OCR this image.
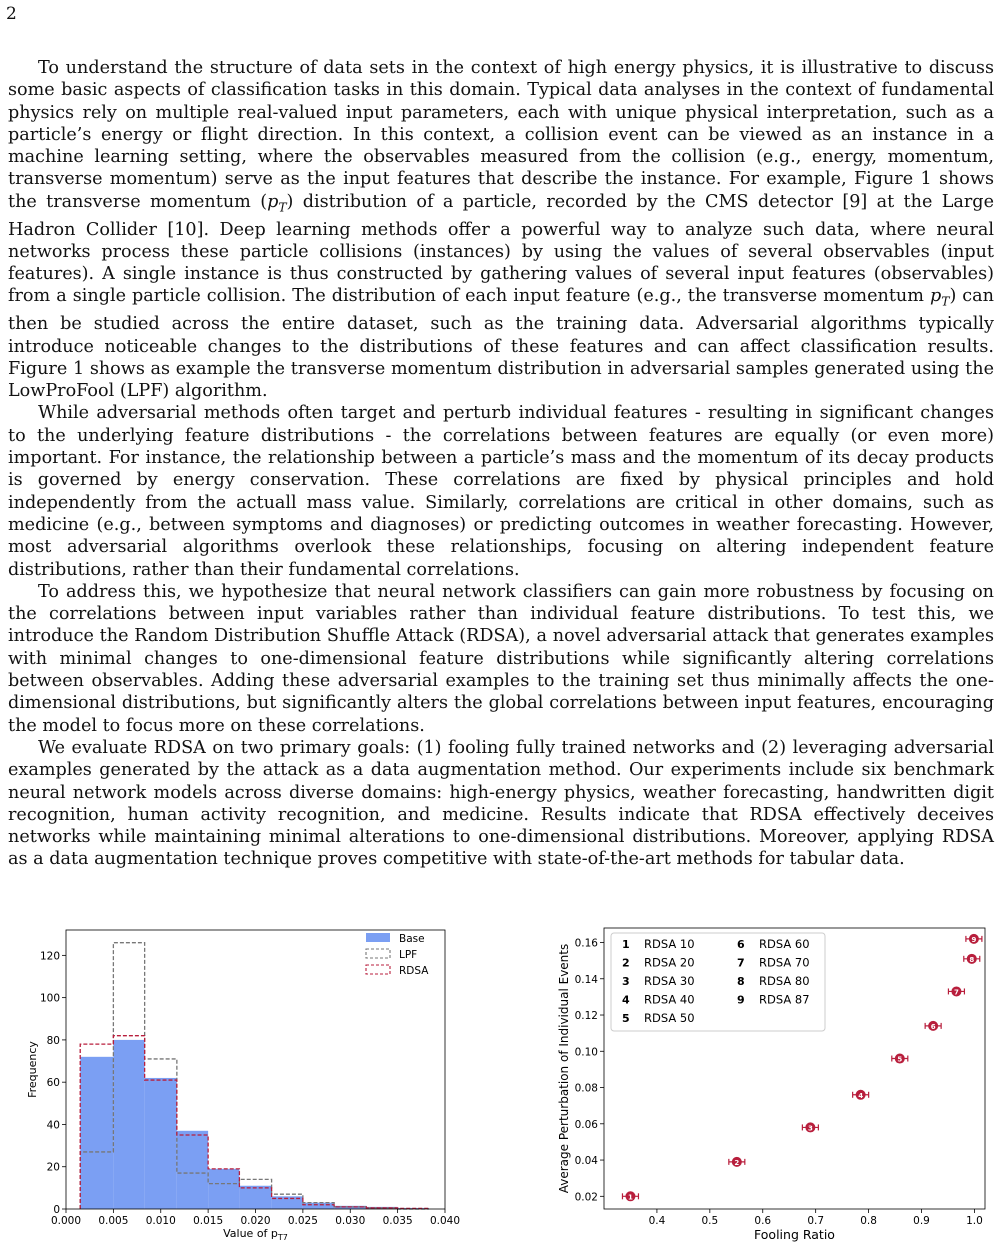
2

To understand the structure of data sets in the context of high energy physics, it is illustrative to discuss some basic aspects of classification tasks in this domain. Typical data analyses in the context of fundamental physics rely on multiple real-valued input parameters, each with unique physical interpretation, such as a particle’s energy or flight direction. In this context, a collision event can be viewed as an instance in a machine learning setting, where the observables measured from the collision (e.g., energy, momentum, transverse momentum) serve as the input features that describe the instance. For example, Figure 1 shows the transverse momentum $(p_T)$ distribution of a particle, recorded by the CMS detector [9] at the Large Hadron Collider [10]. Deep learning methods offer a powerful way to analyze such data, where neural networks process these particle collisions (instances) by using the values of several observables (input features). A single instance is thus constructed by gathering values of several input features (observables) from a single particle collision. The distribution of each input feature (e.g., the transverse momentum $p_T$) can then be studied across the entire dataset, such as the training data. Adversarial algorithms typically introduce noticeable changes to the distributions of these features and can affect classification results. Figure 1 shows as example the transverse momentum distribution in adversarial samples generated using the LowProFool (LPF) algorithm.

While adversarial methods often target and perturb individual features - resulting in significant changes to the underlying feature distributions - the correlations between features are equally (or even more) important. For instance, the relationship between a particle’s mass and the momentum of its decay products is governed by energy conservation. These correlations are fixed by physical principles and hold independently from the actuall mass value. Similarly, correlations are critical in other domains, such as medicine (e.g., between symptoms and diagnoses) or predicting outcomes in weather forecasting. However, most adversarial algorithms overlook these relationships, focusing on altering independent feature distributions, rather than their fundamental correlations.

To address this, we hypothesize that neural network classifiers can gain more robustness by focusing on the correlations between input variables rather than individual feature distributions. To test this, we introduce the Random Distribution Shuffle Attack (RDSA), a novel adversarial attack that generates examples with minimal changes to one-dimensional feature distributions while significantly altering correlations between observables. Adding these adversarial examples to the training set thus minimally affects the one-dimensional distributions, but significantly alters the global correlations between input features, encouraging the model to focus more on these correlations.

We evaluate RDSA on two primary goals: (1) fooling fully trained networks and (2) leveraging adversarial examples generated by the attack as a data augmentation method. Our experiments include six benchmark neural network models across diverse domains: high-energy physics, weather forecasting, handwritten digit recognition, human activity recognition, and medicine. Results indicate that RDSA effectively deceives networks while maintaining minimal alterations to one-dimensional distributions. Moreover, applying RDSA as a data augmentation technique proves competitive with state-of-the-art methods for tabular data.

0.000 0.005 0.010 0.015 0.020 0.025 0.030 0.035 0.040
0
20
40
60
80
100
120
Value of $p_{T7}$
Frequency
Base
LPF
RDSA
0.4	0.5	0.6	0.7	0.8	0.9	1.0
0.02
0.04
0.06
0.08
0.10
0.12
0.14
0.16
Fooling Ratio
Average Perturbation of Individual Events
1
2
3
4
5
6
7
8
9
1 RDSA 10
2 RDSA 20
3 RDSA 30
4 RDSA 40
5 RDSA 50
6 RDSA 60
7 RDSA 70
8 RDSA 80
9 RDSA 87
